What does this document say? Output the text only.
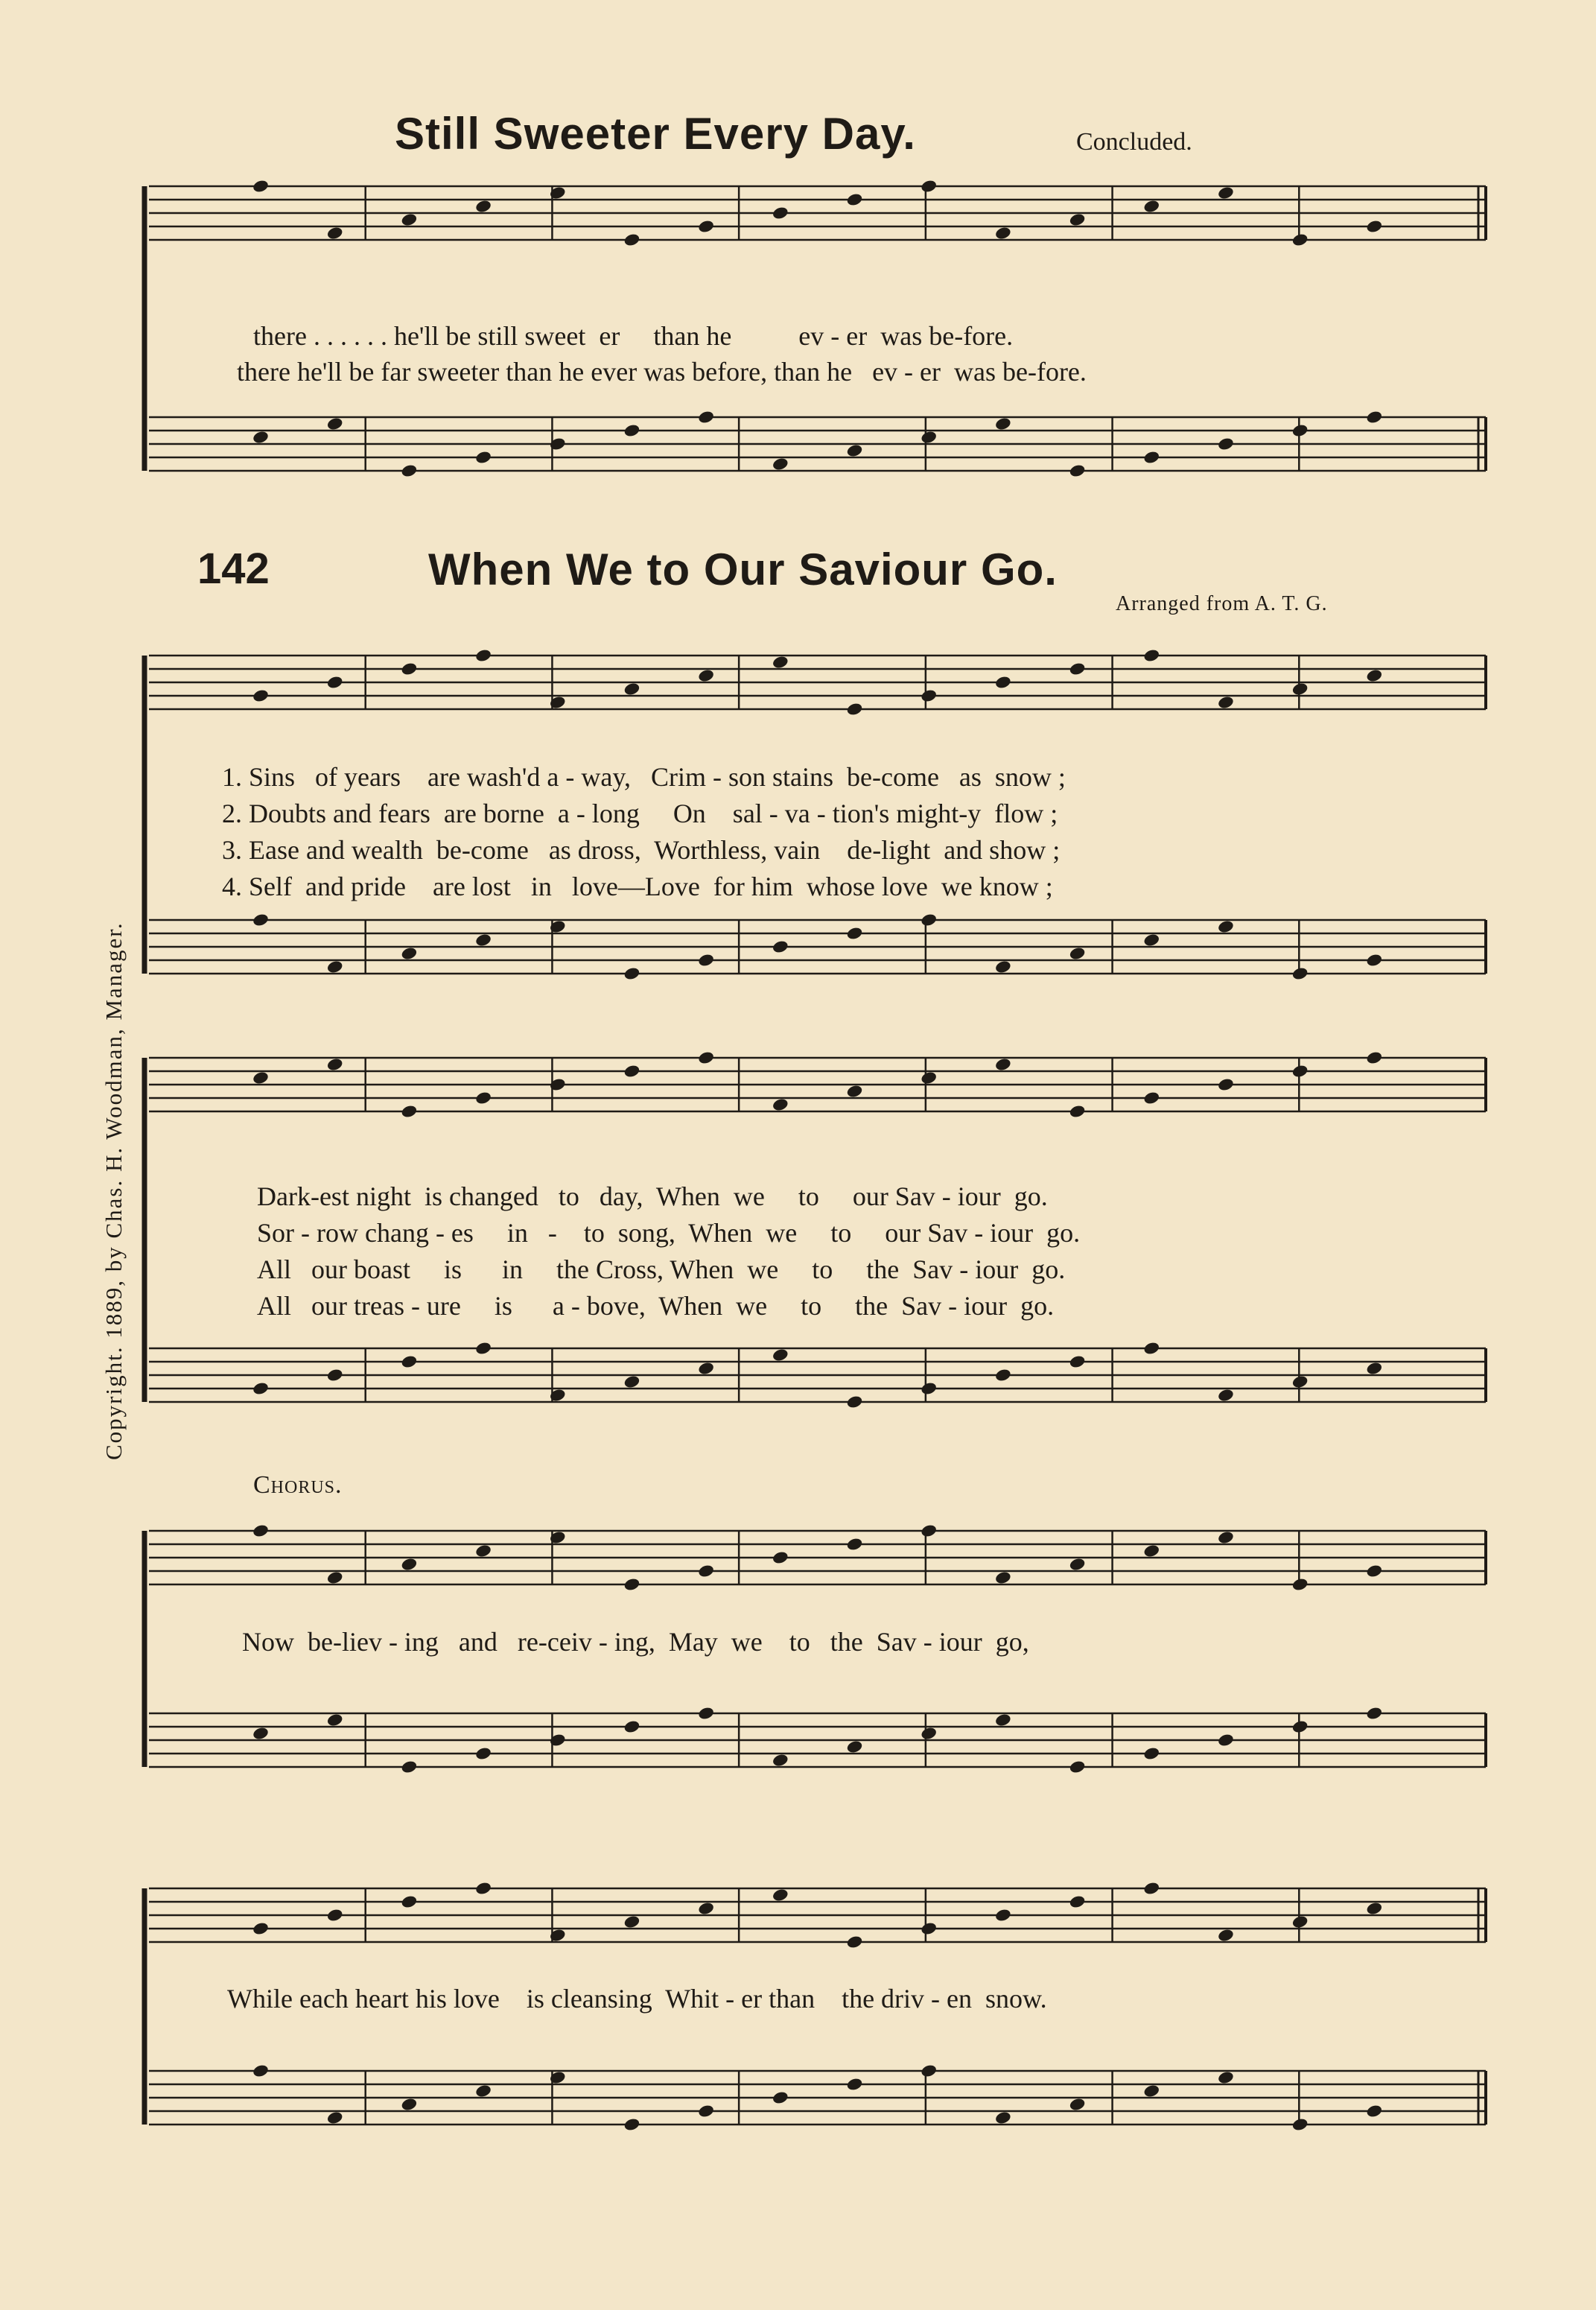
Still Sweeter Every Day.	Concluded.
142	When We to Our Saviour Go.
Arranged from A. T. G.
Copyright. 1889, by Chas. H. Woodman, Manager.
there . . . . . . he'll be still sweet  er     than he          ev - er  was be-fore.
there he'll be far sweeter than he ever was before, than he   ev - er  was be-fore.
1. Sins   of years    are wash'd a - way,   Crim - son stains  be-come   as  snow ;
2. Doubts and fears  are borne  a - long     On    sal - va - tion's might-y  flow ;
3. Ease and wealth  be-come   as dross,  Worthless, vain    de-light  and show ;
4. Self  and pride    are lost   in   love—Love  for him  whose love  we know ;
Dark-est night  is changed   to   day,  When  we     to     our Sav - iour  go.
Sor - row chang - es     in   -    to  song,  When  we     to     our Sav - iour  go.
All   our boast     is      in     the Cross, When  we     to     the  Sav - iour  go.
All   our treas - ure     is      a - bove,  When  we     to     the  Sav - iour  go.
Chorus.
Now  be-liev - ing   and   re-ceiv - ing,  May  we    to   the  Sav - iour  go,
While each heart his love    is cleansing  Whit - er than    the driv - en  snow.
